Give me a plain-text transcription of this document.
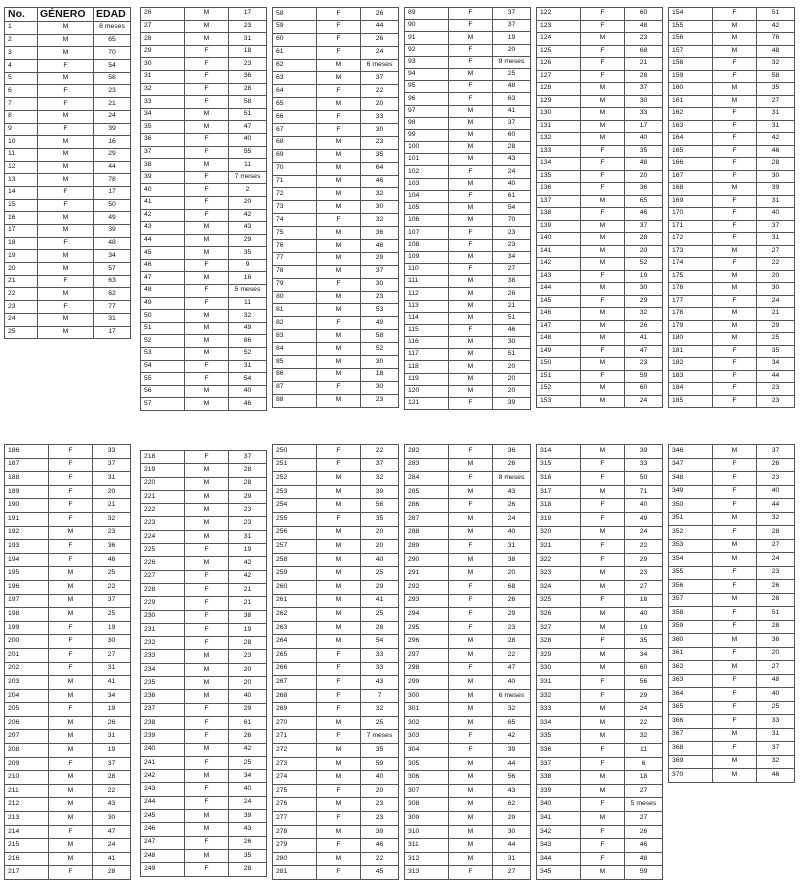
No.	GÉNERO	EDAD
1	M	8 meses
2	M	65
3	M	70
4	F	54
5	M	58
6	F	23
7	F	21
8	M	24
9	F	39
10	M	16
11	M	29
12	M	44
13	M	78
14	F	17
15	F	50
16	M	49
17	M	39
18	F	48
19	M	34
20	M	57
21	F	63
22	M	62
23	F	77
24	M	31
25	M	17
26	M	17
27	M	23
28	M	31
29	F	18
30	F	23
31	F	36
32	F	28
33	F	58
34	M	51
35	M	47
36	F	40
37	F	55
38	M	11
39	F	7 meses
40	F	2
41	F	20
42	F	42
43	M	43
44	M	29
45	M	35
46	F	9
47	M	16
48	F	5 meses
49	F	11
50	M	32
51	M	49
52	M	86
53	M	52
54	F	31
55	F	54
56	M	40
57	M	46
58	F	26
59	F	44
60	F	26
61	F	24
62	M	6 meses
63	M	37
64	F	22
65	M	20
66	F	33
67	F	30
68	M	23
69	M	35
70	M	64
71	M	46
72	M	32
73	M	30
74	F	32
75	M	36
76	M	46
77	M	29
78	M	37
79	F	30
80	M	23
81	M	53
82	F	49
83	M	58
84	M	52
85	M	30
86	M	18
87	F	30
88	M	23
89	F	37
90	F	37
91	M	19
92	F	20
93	F	9 meses
94	M	25
95	F	48
96	F	63
97	M	41
98	M	37
99	M	60
100	M	28
101	M	43
102	F	24
103	M	40
104	F	61
105	M	54
106	M	70
107	F	23
108	F	23
109	M	34
110	F	27
111	M	38
112	M	26
113	M	21
114	M	51
115	F	46
116	M	30
117	M	51
118	M	20
119	M	20
120	M	20
121	F	39
122	F	60
123	F	48
124	M	23
125	F	68
126	F	21
127	F	26
128	M	37
129	M	30
130	M	33
131	M	17
132	M	40
133	F	35
134	F	48
135	F	20
136	F	36
137	M	65
138	F	46
139	M	37
140	M	28
141	M	20
142	M	52
143	F	19
144	M	30
145	F	29
146	M	32
147	M	26
148	M	41
149	F	47
150	M	23
151	F	59
152	M	60
153	M	24
154	F	51
155	M	42
156	M	76
157	M	48
158	F	32
159	F	58
160	M	35
161	M	27
162	F	31
163	F	31
164	F	42
165	F	46
166	F	28
167	F	30
168	M	39
169	F	31
170	F	40
171	F	37
172	F	31
173	M	27
174	F	22
175	M	20
176	M	30
177	F	24
178	M	21
179	M	29
180	M	25
181	F	35
182	F	34
183	F	44
184	F	23
185	F	23
186	F	33
187	F	37
188	F	31
189	F	20
190	F	21
191	F	32
192	M	23
193	F	36
194	F	46
195	M	25
196	M	22
197	M	37
198	M	25
199	F	19
200	F	30
201	F	27
202	F	31
203	M	41
204	M	34
205	F	19
206	M	26
207	M	31
208	M	19
209	F	37
210	M	28
211	M	22
212	M	43
213	M	30
214	F	47
215	M	24
216	M	41
217	F	28
218	F	37
219	M	28
220	M	28
221	M	29
222	M	23
223	M	23
224	M	31
225	F	19
226	M	42
227	F	42
228	F	21
229	F	21
230	F	38
231	F	19
232	F	28
233	M	23
234	M	20
235	M	20
236	M	40
237	F	29
238	F	61
239	F	26
240	M	42
241	F	25
242	M	34
243	F	40
244	F	24
245	M	39
246	M	43
247	F	26
248	M	35
249	F	28
250	F	22
251	F	37
252	M	32
253	M	39
254	M	56
255	F	35
256	M	20
257	M	20
258	M	40
259	M	25
260	M	29
261	M	41
262	M	25
263	M	26
264	M	54
265	F	33
266	F	33
267	F	43
268	F	7
269	F	32
270	M	25
271	F	7 meses
272	M	35
273	M	59
274	M	40
275	F	20
276	M	23
277	F	23
278	M	39
279	F	46
280	M	22
281	F	45
282	F	36
283	M	26
284	F	8 meses
285	M	43
286	F	26
287	M	24
288	M	40
289	F	31
290	M	38
291	M	20
292	F	68
293	F	26
294	F	29
295	F	23
296	M	28
297	M	22
298	F	47
299	M	40
300	M	6 meses
301	M	32
302	M	65
303	F	42
304	F	39
305	M	44
306	M	56
307	M	43
308	M	62
309	M	29
310	M	30
311	M	44
312	M	31
313	F	27
314	M	39
315	F	33
316	F	50
317	M	71
318	F	40
319	F	49
320	M	24
321	F	22
322	F	29
323	M	23
324	M	27
325	F	18
326	M	40
327	M	19
328	F	35
329	M	34
330	M	60
331	F	56
332	F	29
333	M	24
334	M	22
335	M	32
336	F	11
337	F	6
338	M	18
339	M	27
340	F	5 meses
341	M	27
342	F	26
343	F	46
344	F	48
345	M	59
346	M	37
347	F	26
348	F	23
349	F	40
350	F	44
351	M	32
352	F	28
353	M	27
354	M	24
355	F	23
356	F	26
357	M	28
358	F	51
359	F	28
360	M	36
361	F	20
362	M	27
363	F	48
364	F	40
365	F	25
366	F	33
367	M	31
368	F	37
369	M	32
370	M	46
